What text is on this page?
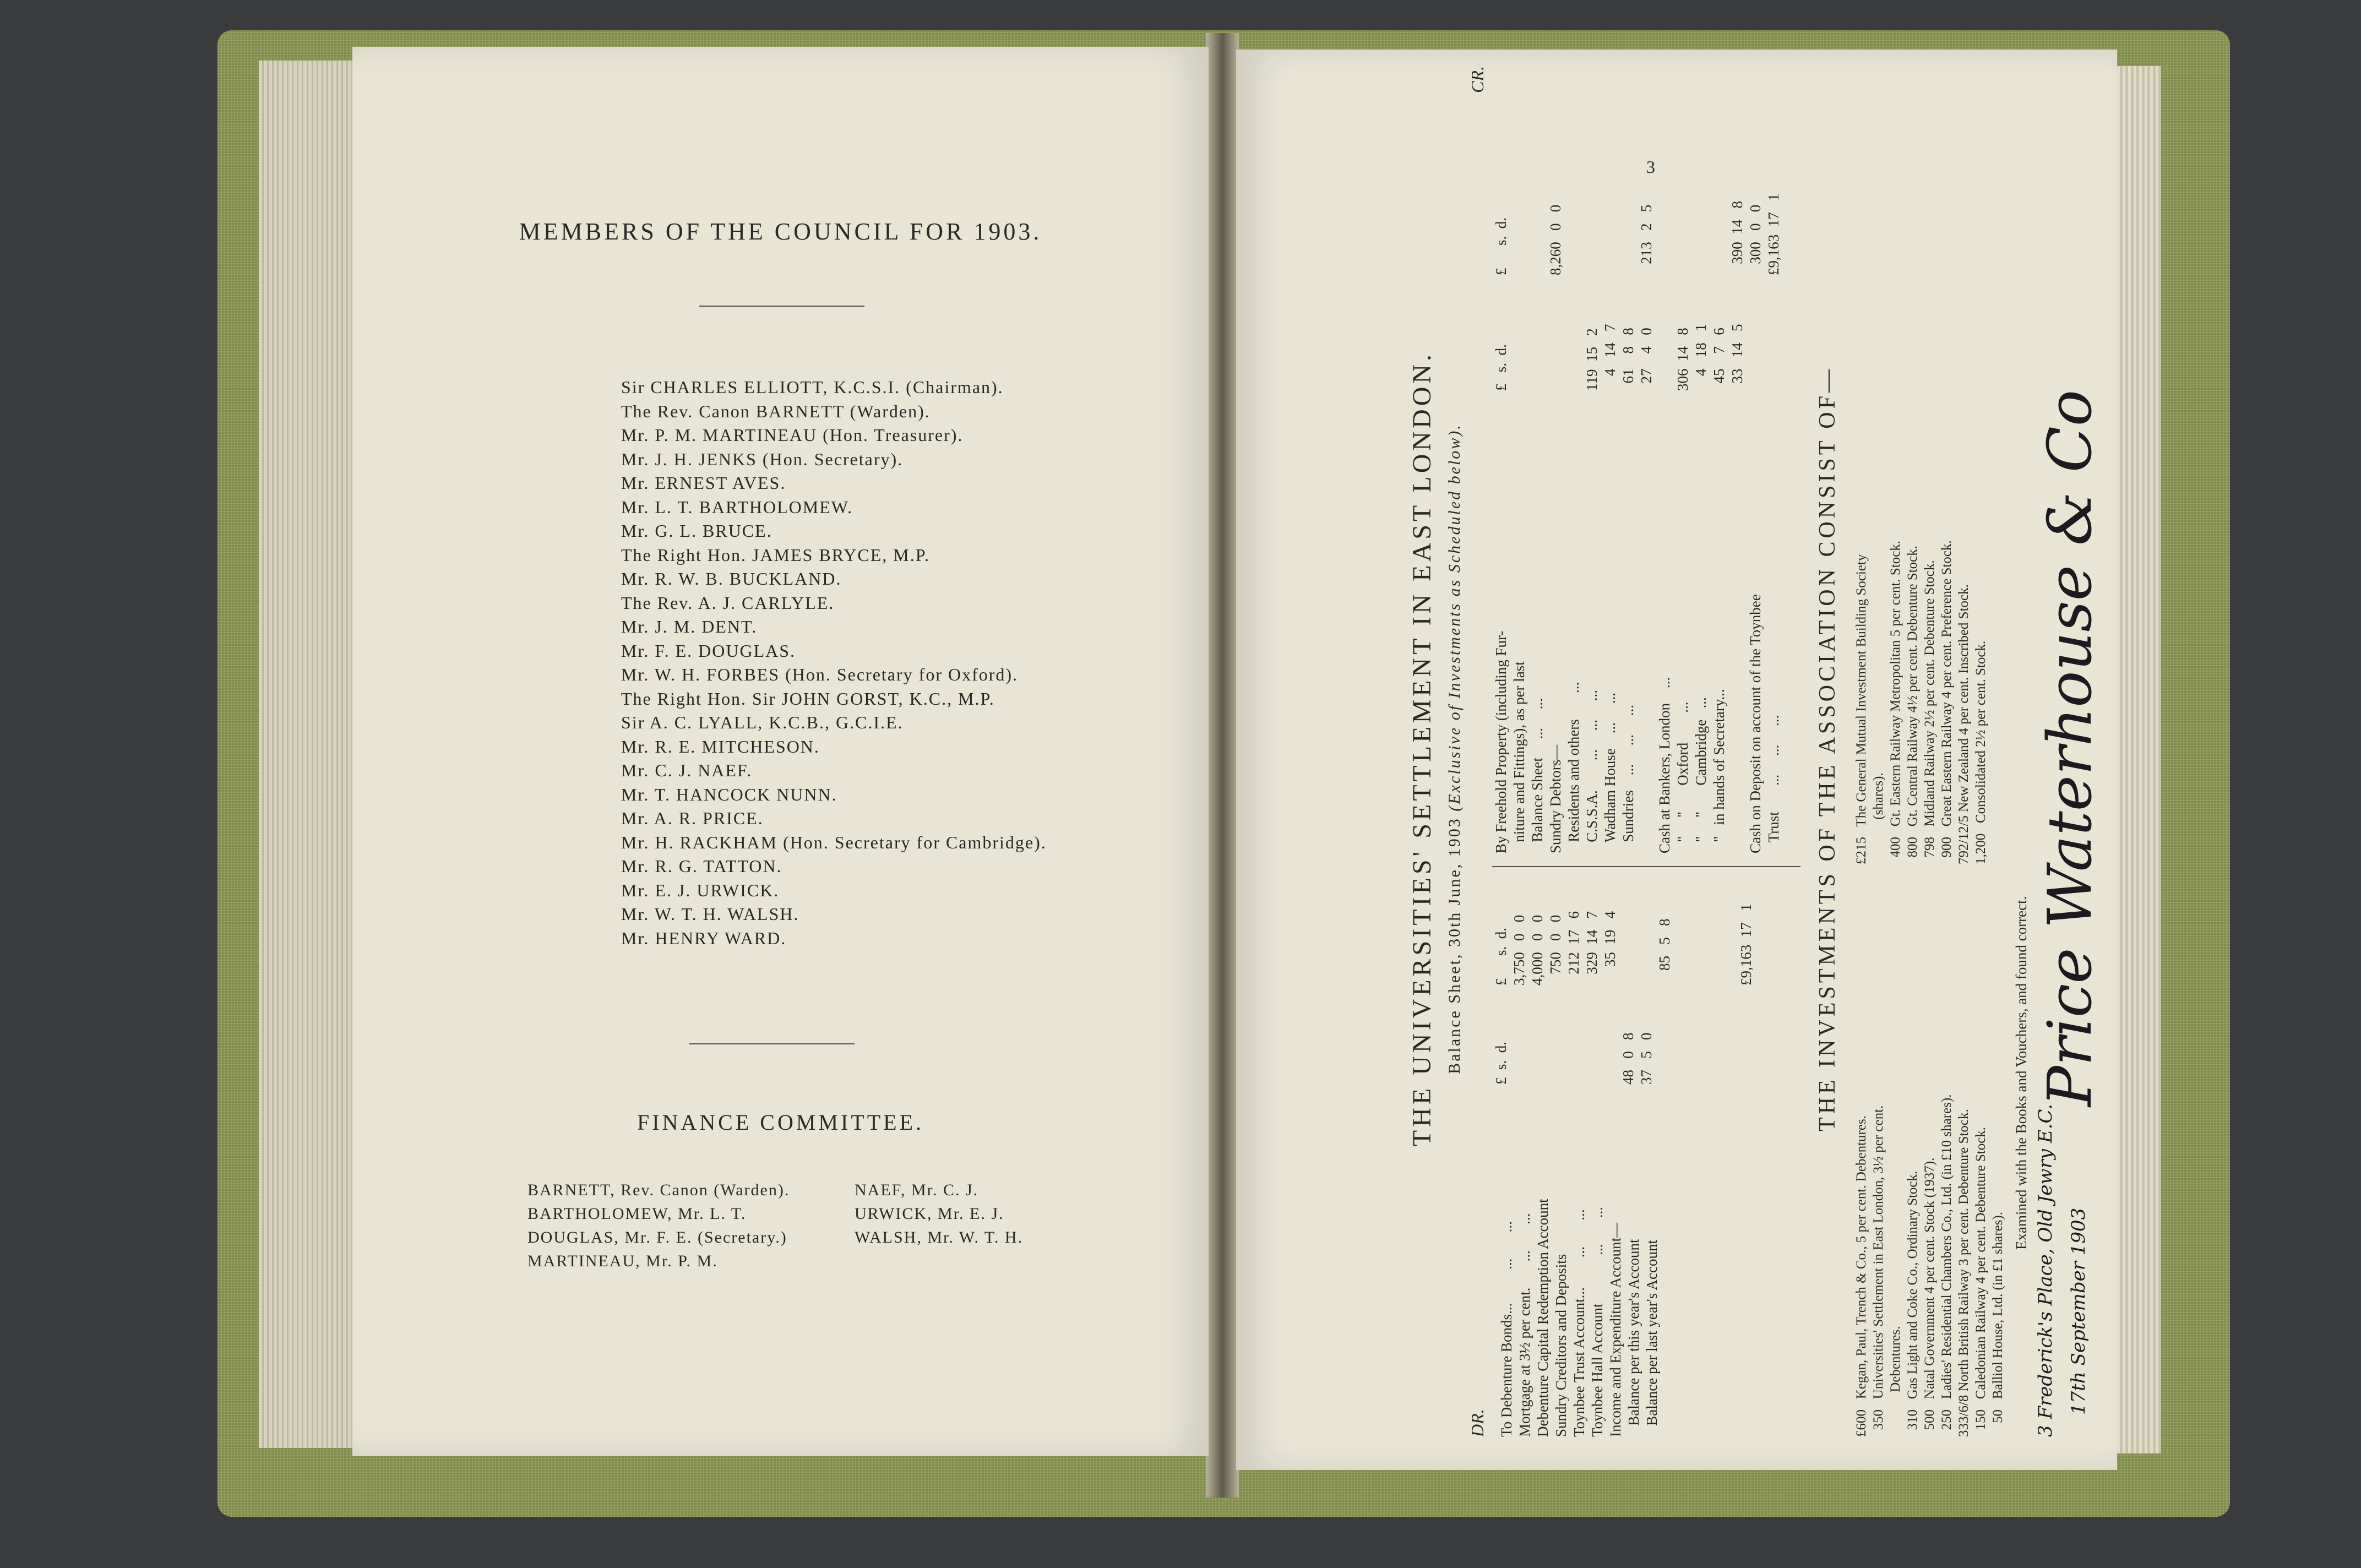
MEMBERS OF THE COUNCIL FOR 1903.
Sir CHARLES ELLIOTT, K.C.S.I. (Chairman).
The Rev. Canon BARNETT (Warden).
Mr. P. M. MARTINEAU (Hon. Treasurer).
Mr. J. H. JENKS (Hon. Secretary).
Mr. ERNEST AVES.
Mr. L. T. BARTHOLOMEW.
Mr. G. L. BRUCE.
The Right Hon. JAMES BRYCE, M.P.
Mr. R. W. B. BUCKLAND.
The Rev. A. J. CARLYLE.
Mr. J. M. DENT.
Mr. F. E. DOUGLAS.
Mr. W. H. FORBES (Hon. Secretary for Oxford).
The Right Hon. Sir JOHN GORST, K.C., M.P.
Sir A. C. LYALL, K.C.B., G.C.I.E.
Mr. R. E. MITCHESON.
Mr. C. J. NAEF.
Mr. T. HANCOCK NUNN.
Mr. A. R. PRICE.
Mr. H. RACKHAM (Hon. Secretary for Cambridge).
Mr. R. G. TATTON.
Mr. E. J. URWICK.
Mr. W. T. H. WALSH.
Mr. HENRY WARD.
FINANCE COMMITTEE.
BARNETT, Rev. Canon (Warden).
BARTHOLOMEW, Mr. L. T.
DOUGLAS, Mr. F. E. (Secretary.)
MARTINEAU, Mr. P. M.
NAEF, Mr. C. J.
URWICK, Mr. E. J.
WALSH, Mr. W. T. H.
3
THE UNIVERSITIES' SETTLEMENT IN EAST LONDON. Balance Sheet, 30th June, 1903 (Exclusive of Investments as Scheduled below).
DR.
CR.
To Debenture Bonds...         ...       ...
Mortgage at 3½ per cent.       ...       ...
Debenture Capital Redemption Account
Sundry Creditors and Deposits
Toynbee Trust Account...        ...       ...
Toynbee Hall Account             ...       ...
Income and Expenditure Account—
Balance per this year's Account
Balance per last year's Account
£  s.  d.

48   0   8
37   5   0
£      s.  d.
3,750   0   0
4,000   0   0
750   0   0
212  17   6
329  14   7
35  19   4

85   5   8	£9,163  17   1
By Freehold Property (including Fur-
niture and Fittings), as per last
Balance Sheet     ...     ...
Sundry Debtors—
Residents and others       ...
C.S.S.A.        ...     ...     ...
Wadham House    ...     ...
Sundries    ...     ...     ...

Cash at Bankers, London    ...
"     "       Oxford        ...
"     "       Cambridge   ...
"   in hands of Secretary...

Cash on Deposit on account of the Toynbee
Trust       ...     ...     ...
£   s.  d.

119  15   2
4   14   7
61    8   8
27    4   0

306  14   8
4   18   1
45    7   6
33   14   5
£      s.  d.

8,260   0   0

213   2   5

390  14   8
300   0   0 £9,163  17   1
THE INVESTMENTS OF THE ASSOCIATION CONSIST OF—
£600   Kegan, Paul, Trench & Co., 5 per cent. Debentures.
350   Universities' Settlement in East London, 3½ per cent.
Debentures.
310   Gas Light and Coke Co., Ordinary Stock.
500   Natal Government 4 per cent. Stock (1937).
250   Ladies' Residential Chambers Co., Ltd. (in £10 shares).
333/6/8 North British Railway 3 per cent. Debenture Stock.
150   Caledonian Railway 4 per cent. Debenture Stock.
50   Balliol House, Ltd. (in £1 shares).
£215   The General Mutual Investment Building Society
(shares).
400   Gt. Eastern Railway Metropolitan 5 per cent. Stock.
800   Gt. Central Railway 4½ per cent. Debenture Stock.
798   Midland Railway 2½ per cent. Debenture Stock.
900   Great Eastern Railway 4 per cent. Preference Stock.
792/12/5 New Zealand 4 per cent. Inscribed Stock.
1,200   Consolidated 2½ per cent. Stock.
Examined with the Books and Vouchers, and found correct. Price Waterhouse & Co
3 Frederick's Place, Old Jewry E.C. 17th September 1903
